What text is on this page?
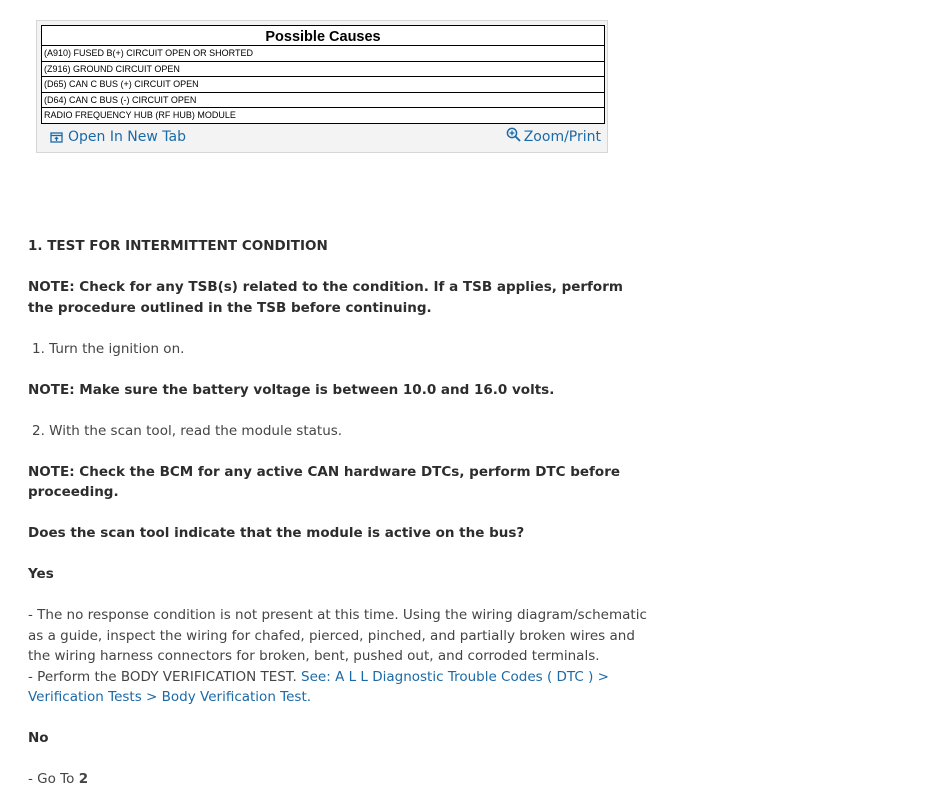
Possible Causes
(A910) FUSED B(+) CIRCUIT OPEN OR SHORTED
(Z916) GROUND CIRCUIT OPEN
(D65) CAN C BUS (+) CIRCUIT OPEN
(D64) CAN C BUS (-) CIRCUIT OPEN
RADIO FREQUENCY HUB (RF HUB) MODULE
Open In New Tab	Zoom/Print

1. TEST FOR INTERMITTENT CONDITION

NOTE: Check for any TSB(s) related to the condition. If a TSB applies, perform the procedure outlined in the TSB before continuing.

1. Turn the ignition on.

NOTE: Make sure the battery voltage is between 10.0 and 16.0 volts.

2. With the scan tool, read the module status.

NOTE: Check the BCM for any active CAN hardware DTCs, perform DTC before proceeding.

Does the scan tool indicate that the module is active on the bus?

Yes

- The no response condition is not present at this time. Using the wiring diagram/schematic as a guide, inspect the wiring for chafed, pierced, pinched, and partially broken wires and the wiring harness connectors for broken, bent, pushed out, and corroded terminals.

- Perform the BODY VERIFICATION TEST. See: A L L Diagnostic Trouble Codes ( DTC ) > Verification Tests > Body Verification Test.

No

- Go To 2
